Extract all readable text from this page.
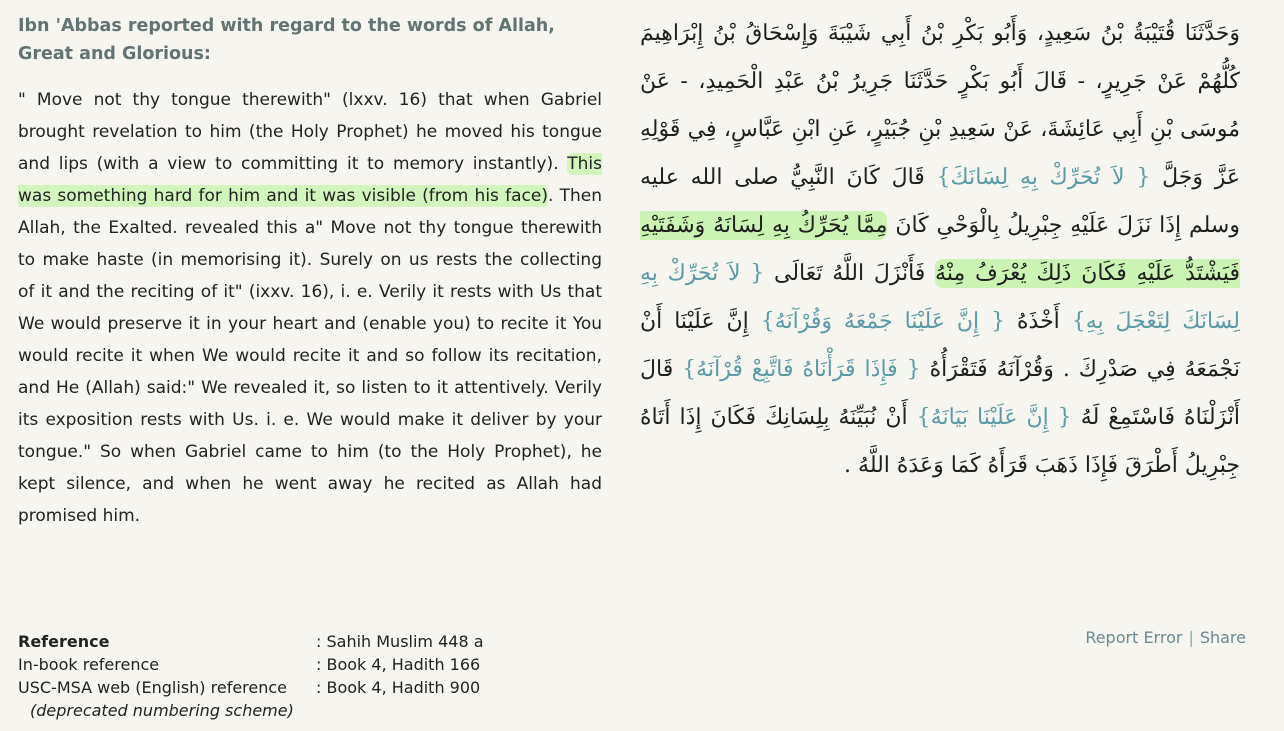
Ibn 'Abbas reported with regard to the words of Allah, Great and Glorious:

" Move not thy tongue therewith" (lxxv. 16) that when Gabriel brought revelation to him (the Holy Prophet) he moved his tongue and lips (with a view to committing it to memory instantly). This was something hard for him and it was visible (from his face). Then Allah, the Exalted. revealed this a" Move not thy tongue therewith to make haste (in memorising it). Surely on us rests the collecting of it and the reciting of it" (ixxv. 16), i. e. Verily it rests with Us that We would preserve it in your heart and (enable you) to recite it You would recite it when We would recite it and so follow its recitation, and He (Allah) said:" We revealed it, so listen to it attentively. Verily its exposition rests with Us. i. e. We would make it deliver by your tongue." So when Gabriel came to him (to the Holy Prophet), he kept silence, and when he went away he recited as Allah had promised him.

وَحَدَّثَنَا قُتَيْبَةُ بْنُ سَعِيدٍ، وَأَبُو بَكْرِ بْنُ أَبِي شَيْبَةَ وَإِسْحَاقُ بْنُ إِبْرَاهِيمَ كُلُّهُمْ عَنْ جَرِيرٍ، - قَالَ أَبُو بَكْرٍ حَدَّثَنَا جَرِيرُ بْنُ عَبْدِ الْحَمِيدِ، - عَنْ مُوسَى بْنِ أَبِي عَائِشَةَ، عَنْ سَعِيدِ بْنِ جُبَيْرٍ، عَنِ ابْنِ عَبَّاسٍ، فِي قَوْلِهِ عَزَّ وَجَلَّ { لاَ تُحَرِّكْ بِهِ لِسَانَكَ} قَالَ كَانَ النَّبِيُّ صلى الله عليه وسلم إِذَا نَزَلَ عَلَيْهِ جِبْرِيلُ بِالْوَحْىِ كَانَ مِمَّا يُحَرِّكُ بِهِ لِسَانَهُ وَشَفَتَيْهِ فَيَشْتَدُّ عَلَيْهِ فَكَانَ ذَلِكَ يُعْرَفُ مِنْهُ فَأَنْزَلَ اللَّهُ تَعَالَى { لاَ تُحَرِّكْ بِهِ لِسَانَكَ لِتَعْجَلَ بِهِ} أَخْذَهُ { إِنَّ عَلَيْنَا جَمْعَهُ وَقُرْآنَهُ} إِنَّ عَلَيْنَا أَنْ نَجْمَعَهُ فِي صَدْرِكَ . وَقُرْآنَهُ فَتَقْرَأُهُ { فَإِذَا قَرَأْنَاهُ فَاتَّبِعْ قُرْآنَهُ} قَالَ أَنْزَلْنَاهُ فَاسْتَمِعْ لَهُ { إِنَّ عَلَيْنَا بَيَانَهُ} أَنْ نُبَيِّنَهُ بِلِسَانِكَ فَكَانَ إِذَا أَتَاهُ جِبْرِيلُ أَطْرَقَ فَإِذَا ذَهَبَ قَرَأَهُ كَمَا وَعَدَهُ اللَّهُ .
Reference	: Sahih Muslim 448 a
In-book reference	: Book 4, Hadith 166
USC-MSA web (English) reference	: Book 4, Hadith 900
(deprecated numbering scheme)
Report Error | Share
